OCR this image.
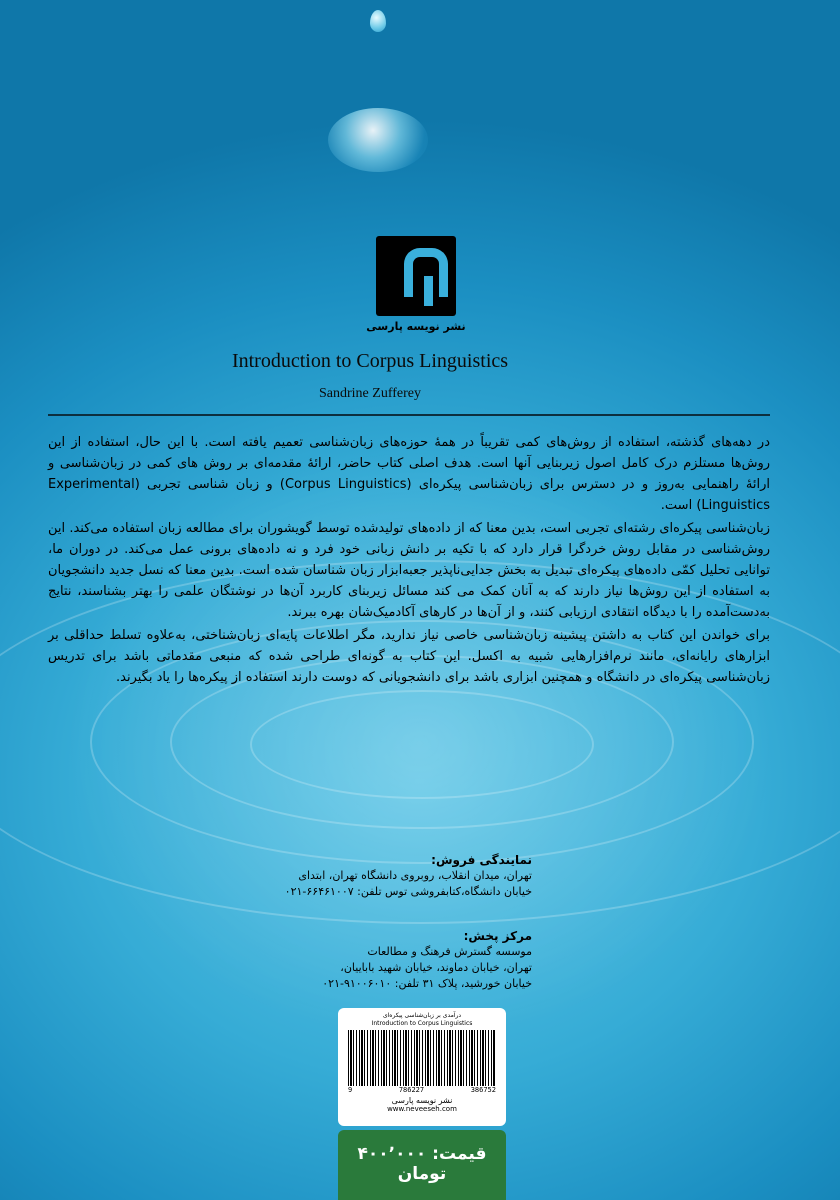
نشر نویسه پارسی
Introduction to Corpus Linguistics
Sandrine Zufferey

در دهه‌های گذشته، استفاده از روش‌های کمی تقریباً در همهٔ حوزه‌های زبان‌شناسی تعمیم یافته است. با این حال، استفاده از این روش‌ها مستلزم درک کامل اصول زیربنایی آنها است. هدف اصلی کتاب حاضر، ارائهٔ مقدمه‌ای بر روش های کمی در زبان‌شناسی و ارائهٔ راهنمایی به‌روز و در دسترس برای زبان‌شناسی پیکره‌ای (Corpus Linguistics) و زبان شناسی تجربی (Experimental Linguistics) است.

زبان‌شناسی پیکره‌ای رشته‌ای تجربی است، بدین معنا که از داده‌های تولیدشده توسط گویشوران برای مطالعه زبان استفاده می‌کند. این روش‌شناسی در مقابل روش خردگرا قرار دارد که با تکیه بر دانش زبانی خود فرد و نه داده‌های برونی عمل می‌کند. در دوران ما، توانایی تحلیل کمّی داده‌های پیکره‌ای تبدیل به بخش جدایی‌ناپذیر جعبه‌ابزار زبان شناسان شده است. بدین معنا که نسل جدید دانشجویان به استفاده از این روش‌ها نیاز دارند که به آنان کمک می کند مسائل زیربنای کاربرد آن‌ها در نوشتگان علمی را بهتر بشناسند، نتایج به‌دست‌آمده را با دیدگاه انتقادی ارزیابی کنند، و از آن‌ها در کارهای آکادمیک‌شان بهره ببرند.

برای خواندن این کتاب به داشتن پیشینه زبان‌شناسی خاصی نیاز ندارید، مگر اطلاعات پایه‌ای زبان‌شناختی، به‌علاوه تسلط حداقلی بر ابزارهای رایانه‌ای، مانند نرم‌افزارهایی شبیه به اکسل. این کتاب به گونه‌ای طراحی شده که منبعی مقدماتی باشد برای تدریس زبان‌شناسی پیکره‌ای در دانشگاه و همچنین ابزاری باشد برای دانشجویانی که دوست دارند استفاده از پیکره‌ها را یاد بگیرند.

نمایندگی فروش:
تهران، میدان انقلاب، روبروی دانشگاه تهران، ابتدای
خیابان دانشگاه،کتابفروشی توس تلفن: ۶۶۴۶۱۰۰۷-۰۲۱
مرکز پخش:
موسسه گسترش فرهنگ و مطالعات
تهران، خیابان دماوند، خیابان شهید باباییان،
خیابان خورشید، پلاک ۳۱ تلفن: ۹۱۰۰۶۰۱۰-۰۲۱
درآمدی بر زبان‌شناسی پیکره‌ای
Introduction to Corpus Linguistics
9	786227	386752
نشر نویسه پارسی
www.neveeseh.com
قیمت: ۴۰۰٬۰۰۰ تومان
